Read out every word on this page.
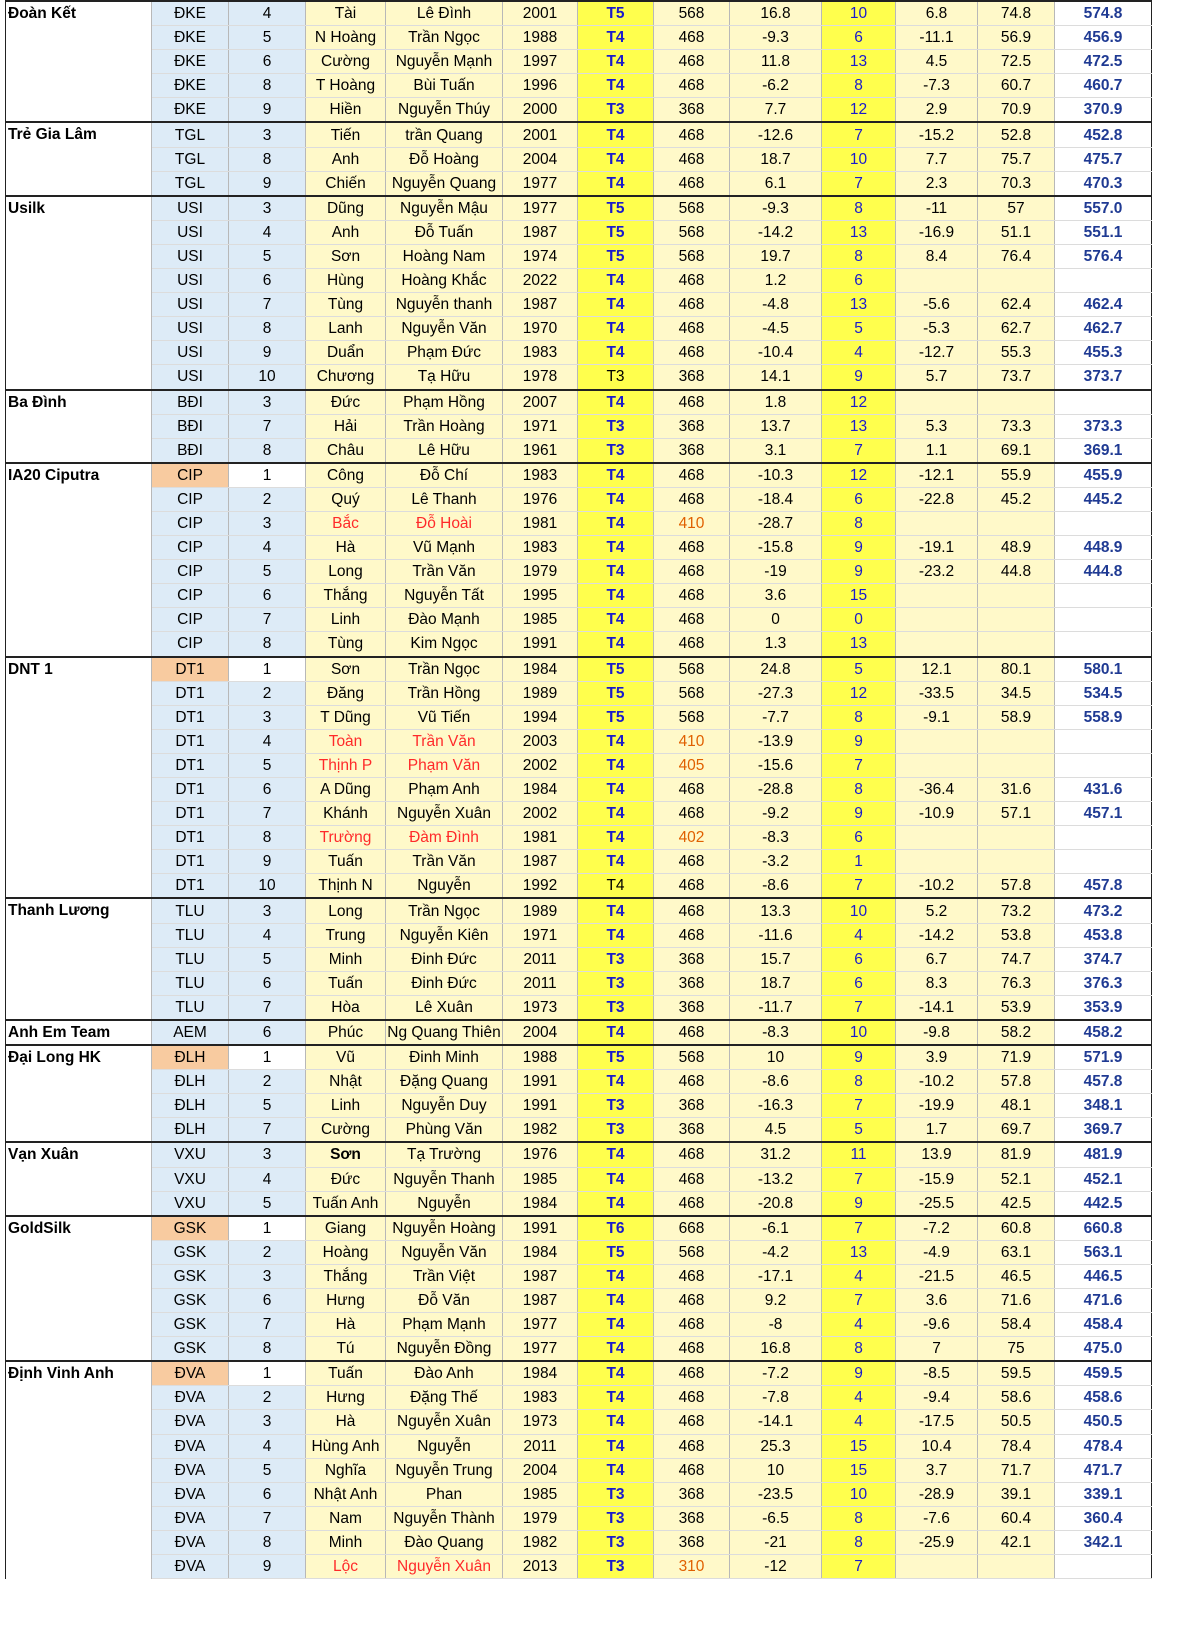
Đoàn Kết	ĐKE	4	Tài	Lê Đình	2001	T5	568	16.8	10	6.8	74.8	574.8
	ĐKE	5	N Hoàng	Trần Ngọc	1988	T4	468	-9.3	6	-11.1	56.9	456.9
	ĐKE	6	Cường	Nguyễn Mạnh	1997	T4	468	11.8	13	4.5	72.5	472.5
	ĐKE	8	T Hoàng	Bùi Tuấn	1996	T4	468	-6.2	8	-7.3	60.7	460.7
	ĐKE	9	Hiền	Nguyễn Thúy	2000	T3	368	7.7	12	2.9	70.9	370.9
Trẻ Gia Lâm	TGL	3	Tiến	trần Quang	2001	T4	468	-12.6	7	-15.2	52.8	452.8
	TGL	8	Anh	Đỗ Hoàng	2004	T4	468	18.7	10	7.7	75.7	475.7
	TGL	9	Chiến	Nguyễn Quang	1977	T4	468	6.1	7	2.3	70.3	470.3
Usilk	USI	3	Dũng	Nguyễn Mậu	1977	T5	568	-9.3	8	-11	57	557.0
	USI	4	Anh	Đỗ Tuấn	1987	T5	568	-14.2	13	-16.9	51.1	551.1
	USI	5	Sơn	Hoàng Nam	1974	T5	568	19.7	8	8.4	76.4	576.4
	USI	6	Hùng	Hoàng Khắc	2022	T4	468	1.2	6			
	USI	7	Tùng	Nguyễn thanh	1987	T4	468	-4.8	13	-5.6	62.4	462.4
	USI	8	Lanh	Nguyễn Văn	1970	T4	468	-4.5	5	-5.3	62.7	462.7
	USI	9	Duẩn	Phạm Đức	1983	T4	468	-10.4	4	-12.7	55.3	455.3
	USI	10	Chương	Tạ Hữu	1978	T3	368	14.1	9	5.7	73.7	373.7
Ba Đình	BĐI	3	Đức	Phạm Hồng	2007	T4	468	1.8	12			
	BĐI	7	Hải	Trần Hoàng	1971	T3	368	13.7	13	5.3	73.3	373.3
	BĐI	8	Châu	Lê Hữu	1961	T3	368	3.1	7	1.1	69.1	369.1
IA20 Ciputra	CIP	1	Công	Đỗ Chí	1983	T4	468	-10.3	12	-12.1	55.9	455.9
	CIP	2	Quý	Lê Thanh	1976	T4	468	-18.4	6	-22.8	45.2	445.2
	CIP	3	Bắc	Đỗ Hoài	1981	T4	410	-28.7	8			
	CIP	4	Hà	Vũ Mạnh	1983	T4	468	-15.8	9	-19.1	48.9	448.9
	CIP	5	Long	Trần Văn	1979	T4	468	-19	9	-23.2	44.8	444.8
	CIP	6	Thắng	Nguyễn Tất	1995	T4	468	3.6	15			
	CIP	7	Linh	Đào Mạnh	1985	T4	468	0	0			
	CIP	8	Tùng	Kim Ngọc	1991	T4	468	1.3	13			
DNT 1	DT1	1	Sơn	Trần Ngọc	1984	T5	568	24.8	5	12.1	80.1	580.1
	DT1	2	Đăng	Trần Hồng	1989	T5	568	-27.3	12	-33.5	34.5	534.5
	DT1	3	T Dũng	Vũ Tiến	1994	T5	568	-7.7	8	-9.1	58.9	558.9
	DT1	4	Toàn	Trần Văn	2003	T4	410	-13.9	9			
	DT1	5	Thịnh P	Phạm Văn	2002	T4	405	-15.6	7			
	DT1	6	A Dũng	Phạm Anh	1984	T4	468	-28.8	8	-36.4	31.6	431.6
	DT1	7	Khánh	Nguyễn Xuân	2002	T4	468	-9.2	9	-10.9	57.1	457.1
	DT1	8	Trường	Đàm Đình	1981	T4	402	-8.3	6			
	DT1	9	Tuấn	Trần Văn	1987	T4	468	-3.2	1			
	DT1	10	Thịnh N	Nguyễn	1992	T4	468	-8.6	7	-10.2	57.8	457.8
Thanh Lương	TLU	3	Long	Trần Ngọc	1989	T4	468	13.3	10	5.2	73.2	473.2
	TLU	4	Trung	Nguyễn Kiên	1971	T4	468	-11.6	4	-14.2	53.8	453.8
	TLU	5	Minh	Đinh Đức	2011	T3	368	15.7	6	6.7	74.7	374.7
	TLU	6	Tuấn	Đinh Đức	2011	T3	368	18.7	6	8.3	76.3	376.3
	TLU	7	Hòa	Lê Xuân	1973	T3	368	-11.7	7	-14.1	53.9	353.9
Anh Em Team	AEM	6	Phúc	Ng Quang Thiên	2004	T4	468	-8.3	10	-9.8	58.2	458.2
Đại Long HK	ĐLH	1	Vũ	Đinh Minh	1988	T5	568	10	9	3.9	71.9	571.9
	ĐLH	2	Nhật	Đặng Quang	1991	T4	468	-8.6	8	-10.2	57.8	457.8
	ĐLH	5	Linh	Nguyễn Duy	1991	T3	368	-16.3	7	-19.9	48.1	348.1
	ĐLH	7	Cường	Phùng Văn	1982	T3	368	4.5	5	1.7	69.7	369.7
Vạn Xuân	VXU	3	Sơn	Tạ Trường	1976	T4	468	31.2	11	13.9	81.9	481.9
	VXU	4	Đức	Nguyễn Thanh	1985	T4	468	-13.2	7	-15.9	52.1	452.1
	VXU	5	Tuấn Anh	Nguyễn	1984	T4	468	-20.8	9	-25.5	42.5	442.5
GoldSilk	GSK	1	Giang	Nguyễn Hoàng	1991	T6	668	-6.1	7	-7.2	60.8	660.8
	GSK	2	Hoàng	Nguyễn Văn	1984	T5	568	-4.2	13	-4.9	63.1	563.1
	GSK	3	Thắng	Trần Việt	1987	T4	468	-17.1	4	-21.5	46.5	446.5
	GSK	6	Hưng	Đỗ Văn	1987	T4	468	9.2	7	3.6	71.6	471.6
	GSK	7	Hà	Phạm Mạnh	1977	T4	468	-8	4	-9.6	58.4	458.4
	GSK	8	Tú	Nguyễn Đồng	1977	T4	468	16.8	8	7	75	475.0
Định Vinh Anh	ĐVA	1	Tuấn	Đào Anh	1984	T4	468	-7.2	9	-8.5	59.5	459.5
	ĐVA	2	Hưng	Đặng Thế	1983	T4	468	-7.8	4	-9.4	58.6	458.6
	ĐVA	3	Hà	Nguyễn Xuân	1973	T4	468	-14.1	4	-17.5	50.5	450.5
	ĐVA	4	Hùng Anh	Nguyễn	2011	T4	468	25.3	15	10.4	78.4	478.4
	ĐVA	5	Nghĩa	Nguyễn Trung	2004	T4	468	10	15	3.7	71.7	471.7
	ĐVA	6	Nhật Anh	Phan	1985	T3	368	-23.5	10	-28.9	39.1	339.1
	ĐVA	7	Nam	Nguyễn Thành	1979	T3	368	-6.5	8	-7.6	60.4	360.4
	ĐVA	8	Minh	Đào Quang	1982	T3	368	-21	8	-25.9	42.1	342.1
	ĐVA	9	Lộc	Nguyễn Xuân	2013	T3	310	-12	7			
